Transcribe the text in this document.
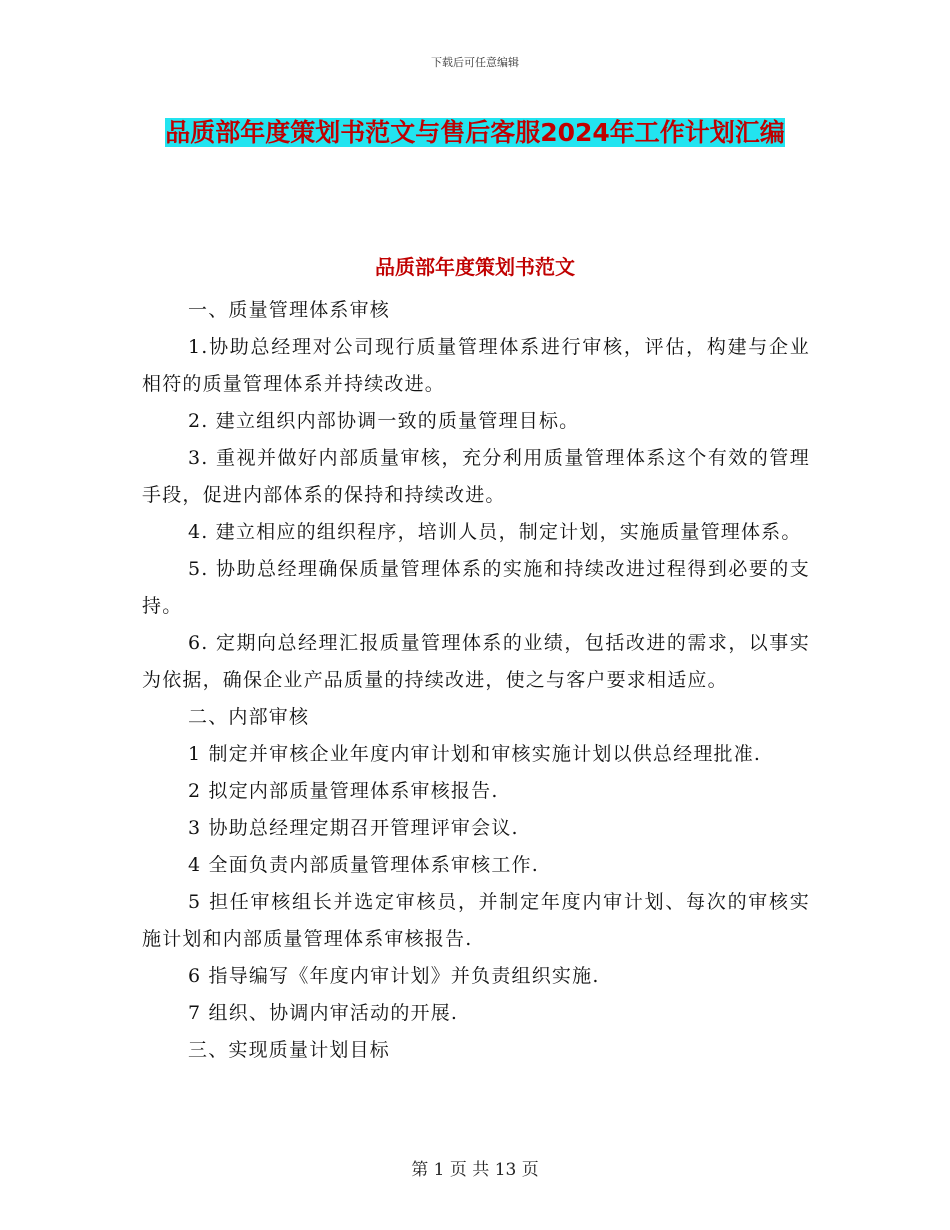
下载后可任意编辑
品质部年度策划书范文与售后客服2024年工作计划汇编
品质部年度策划书范文

一、质量管理体系审核

1.协助总经理对公司现行质量管理体系进行审核，评估，构建与企业相符的质量管理体系并持续改进。

2. 建立组织内部协调一致的质量管理目标。

3. 重视并做好内部质量审核，充分利用质量管理体系这个有效的管理手段，促进内部体系的保持和持续改进。

4. 建立相应的组织程序，培训人员，制定计划，实施质量管理体系。

5. 协助总经理确保质量管理体系的实施和持续改进过程得到必要的支持。

6. 定期向总经理汇报质量管理体系的业绩，包括改进的需求，以事实为依据，确保企业产品质量的持续改进，使之与客户要求相适应。

二、内部审核

1 制定并审核企业年度内审计划和审核实施计划以供总经理批准.

2 拟定内部质量管理体系审核报告.

3 协助总经理定期召开管理评审会议.

4 全面负责内部质量管理体系审核工作.

5 担任审核组长并选定审核员，并制定年度内审计划、每次的审核实施计划和内部质量管理体系审核报告.

6 指导编写《年度内审计划》并负责组织实施.

7 组织、协调内审活动的开展.

三、实现质量计划目标

第 1 页 共 13 页
